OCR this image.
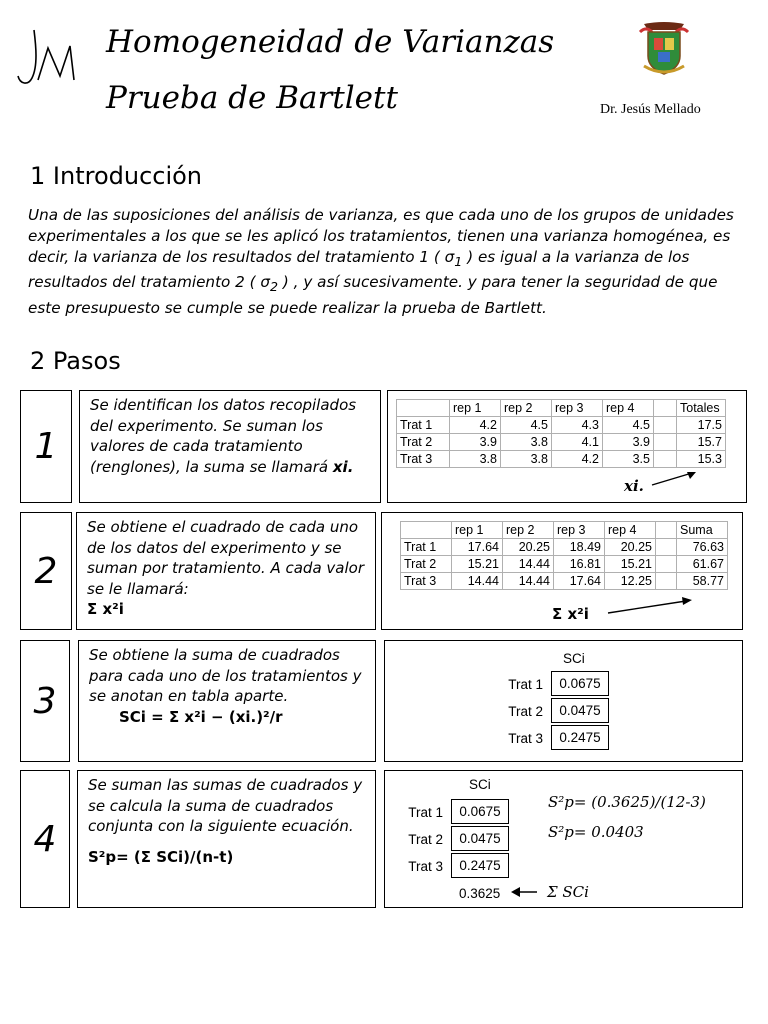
Homogeneidad de Varianzas
Prueba de Bartlett	Dr. Jesús Mellado
1 Introducción
Una de las suposiciones del análisis de varianza, es que cada uno de los grupos de unidades experimentales a los que se les aplicó los tratamientos, tienen una varianza homogénea, es decir, la varianza de los resultados del tratamiento 1 ( $\sigma_1$ ) es igual a la varianza de los resultados del tratamiento 2 ( $\sigma_2$ ) , y así sucesivamente. y para tener la seguridad de que este presupuesto se cumple se puede realizar la prueba de Bartlett.
2 Pasos
1
Se identifican los datos recopilados del experimento. Se suman los valores de cada tratamiento (renglones), la suma se llamará xi.
	rep 1	rep 2	rep 3	rep 4		Totales
Trat 1	4.2	4.5	4.3	4.5		17.5
Trat 2	3.9	3.8	4.1	3.9		15.7
Trat 3	3.8	3.8	4.2	3.5		15.3
xi.
2
Se obtiene el cuadrado de cada uno de los datos del experimento y se suman por tratamiento. A cada valor se le llamará:
Σ x²i
	rep 1	rep 2	rep 3	rep 4		Suma
Trat 1	17.64	20.25	18.49	20.25		76.63
Trat 2	15.21	14.44	16.81	15.21		61.67
Trat 3	14.44	14.44	17.64	12.25		58.77
Σ x²i
3
Se obtiene la suma de cuadrados para cada uno de los tratamientos y se anotan en tabla aparte.
SCi = Σ x²i − (xi.)²/r
SCi
Trat 1	0.0675
Trat 2	0.0475
Trat 3	0.2475
4
Se suman las sumas de cuadrados y se calcula la suma de cuadrados conjunta con la siguiente ecuación.
S²p= (Σ SCi)/(n-t)
SCi
Trat 1	0.0675
Trat 2	0.0475
Trat 3	0.2475
0.3625	Σ SCi
S²p= (0.3625)/(12-3)
S²p= 0.0403
